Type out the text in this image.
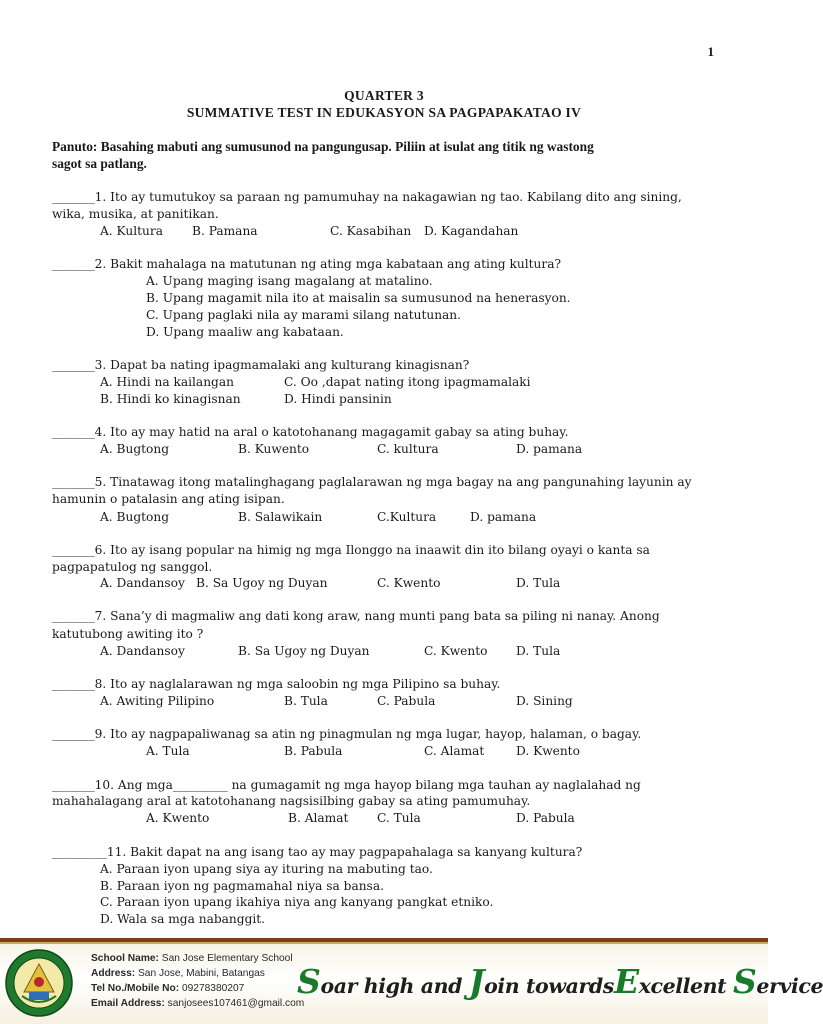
1
QUARTER 3
SUMMATIVE TEST IN EDUKASYON SA PAGPAPAKATAO IV
Panuto: Basahing mabuti ang sumusunod na pangungusap. Piliin at isulat ang titik ng wastong
sagot sa patlang.
_______1. Ito ay tumutukoy sa paraan ng pamumuhay na nakagawian ng tao. Kabilang dito ang sining,
wika, musika, at panitikan.
A. Kultura B. Pamana	C. Kasabihan D. Kagandahan
_______2. Bakit mahalaga na matutunan ng ating mga kabataan ang ating kultura?
A. Upang maging isang magalang at matalino.
B. Upang magamit nila ito at maisalin sa sumusunod na henerasyon.
C. Upang paglaki nila ay marami silang natutunan.
D. Upang maaliw ang kabataan.
_______3. Dapat ba nating ipagmamalaki ang kulturang kinagisnan?
A. Hindi na kailangan	C. Oo ,dapat nating itong ipagmamalaki
B. Hindi ko kinagisnan	D. Hindi pansinin
_______4. Ito ay may hatid na aral o katotohanang magagamit gabay sa ating buhay.
A. Bugtong	B. Kuwento	C. kultura	D. pamana
_______5. Tinatawag itong matalinghagang paglalarawan ng mga bagay na ang pangunahing layunin ay
hamunin o patalasin ang ating isipan.
A. Bugtong	B. Salawikain	C.Kultura	D. pamana
_______6. Ito ay isang popular na himig ng mga Ilonggo na inaawit din ito bilang oyayi o kanta sa
pagpapatulog ng sanggol.
A. Dandansoy B. Sa Ugoy ng Duyan	C. Kwento	D. Tula
_______7. Sana’y di magmaliw ang dati kong araw, nang munti pang bata sa piling ni nanay. Anong
katutubong awiting ito ?
A. Dandansoy	B. Sa Ugoy ng Duyan	C. Kwento D. Tula
_______8. Ito ay naglalarawan ng mga saloobin ng mga Pilipino sa buhay.
A. Awiting Pilipino	B. Tula	C. Pabula	D. Sining
_______9. Ito ay nagpapaliwanag sa atin ng pinagmulan ng mga lugar, hayop, halaman, o bagay.
A. Tula	B. Pabula	C. Alamat	D. Kwento
_______10. Ang mga_________ na gumagamit ng mga hayop bilang mga tauhan ay naglalahad ng
mahahalagang aral at katotohanang nagsisilbing gabay sa ating pamumuhay.
A. Kwento	B. Alamat C. Tula	D. Pabula
_________11. Bakit dapat na ang isang tao ay may pagpapahalaga sa kanyang kultura?
A. Paraan iyon upang siya ay ituring na mabuting tao.
B. Paraan iyon ng pagmamahal niya sa bansa.
C. Paraan iyon upang ikahiya niya ang kanyang pangkat etniko.
D. Wala sa mga nabanggit.
School Name: San Jose Elementary School
Address: San Jose, Mabini, Batangas
Tel No./Mobile No: 09278380207
Email Address: sanjosees107461@gmail.com
Soar high and Join towardsExcellent Service
